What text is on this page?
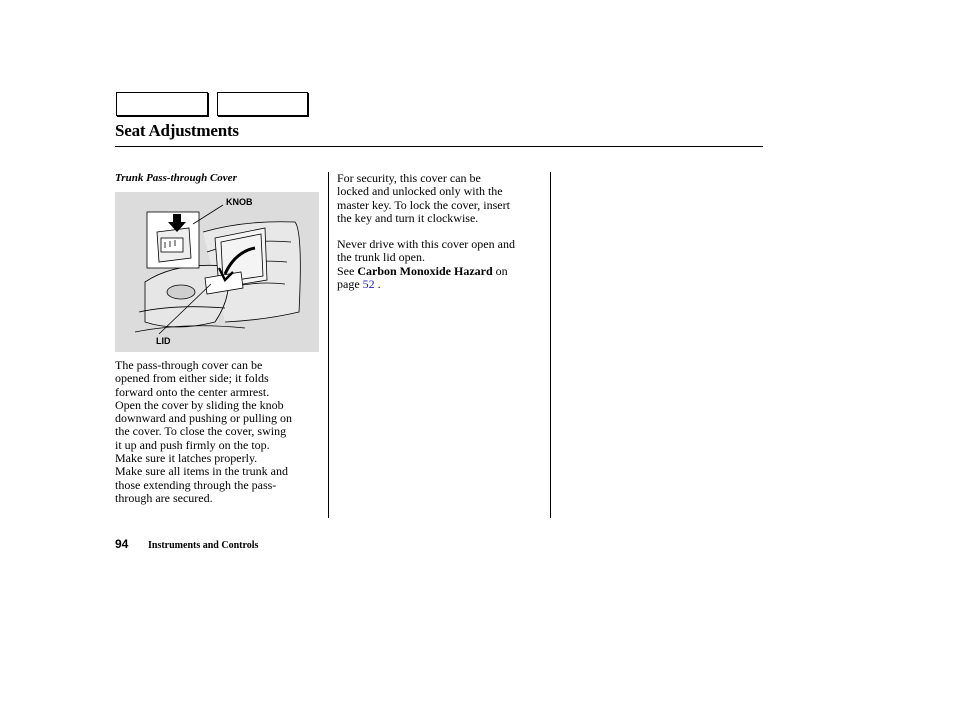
Seat Adjustments
Trunk Pass-through Cover
KNOB
LID
The pass-through cover can be
opened from either side; it folds
forward onto the center armrest.
Open the cover by sliding the knob
downward and pushing or pulling on
the cover. To close the cover, swing
it up and push firmly on the top.
Make sure it latches properly.
Make sure all items in the trunk and
those extending through the pass-
through are secured.
For security, this cover can be
locked and unlocked only with the
master key. To lock the cover, insert
the key and turn it clockwise.
Never drive with this cover open and
the trunk lid open.
See Carbon Monoxide Hazard on
page 52 .
94 Instruments and Controls
